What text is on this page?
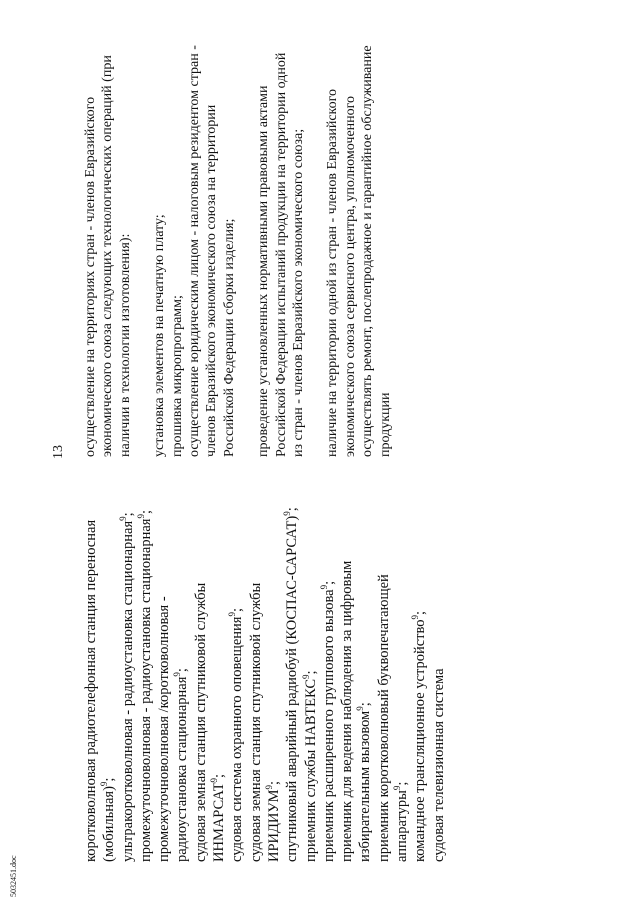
13

коротковолновая радиотелефонная станция переносная (мобильная)$^9$; ультракоротковолновая - радиоустановка стационарная$^9$;

промежуточноволновая - радиоустановка стационарная$^9$;

промежуточноволновая /коротковолновая - радиоустановка стационарная$^9$; судовая земная станция спутниковой службы ИНМАРСАТ$^9$; судовая система охранного оповещения$^9$; судовая земная станция спутниковой службы ИРИДИУМ$^9$; спутниковый аварийный радиобуй (КОСПАС-САРСАТ)$^9$;

приемник службы НАВТЕКС$^9$; приемник расширенного группового вызова$^9$; приемник для ведения наблюдения за цифровым избирательным вызовом$^9$; приемник коротковолновый буквопечатающей аппаратуры$^9$; командное трансляционное устройство$^9$;

судовая телевизионная система

осуществление на территориях стран - членов Евразийского экономического союза следующих технологических операций (при наличии в технологии изготовления): установка элементов на печатную плату; прошивка микропрограмм; осуществление юридическим лицом - налоговым резидентом стран - членов Евразийского экономического союза на территории Российской Федерации сборки изделия; проведение установленных нормативными правовыми актами Российской Федерации испытаний продукции на территории одной из стран - членов Евразийского экономического союза; наличие на территории одной из стран - членов Евразийского экономического союза сервисного центра, уполномоченного осуществлять ремонт, послепродажное и гарантийное обслуживание продукции

5032451.doc
